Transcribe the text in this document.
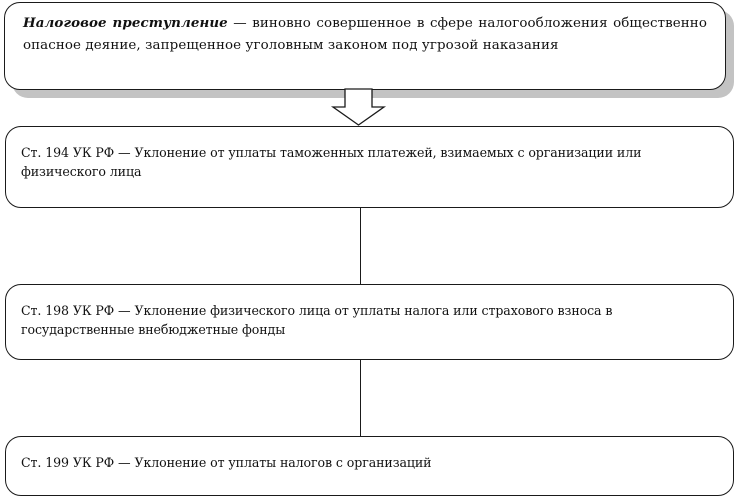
Налоговое преступление — виновно совершенное в сфере налогообложения общественно опасное деяние, запрещенное уголовным законом под угрозой наказания
Ст. 194 УК РФ — Уклонение от уплаты таможенных платежей, взимаемых с организации или физического лица
Ст. 198 УК РФ — Уклонение физического лица от уплаты налога или страхового взноса в государственные внебюджетные фонды
Ст. 199 УК РФ — Уклонение от уплаты налогов с организаций
